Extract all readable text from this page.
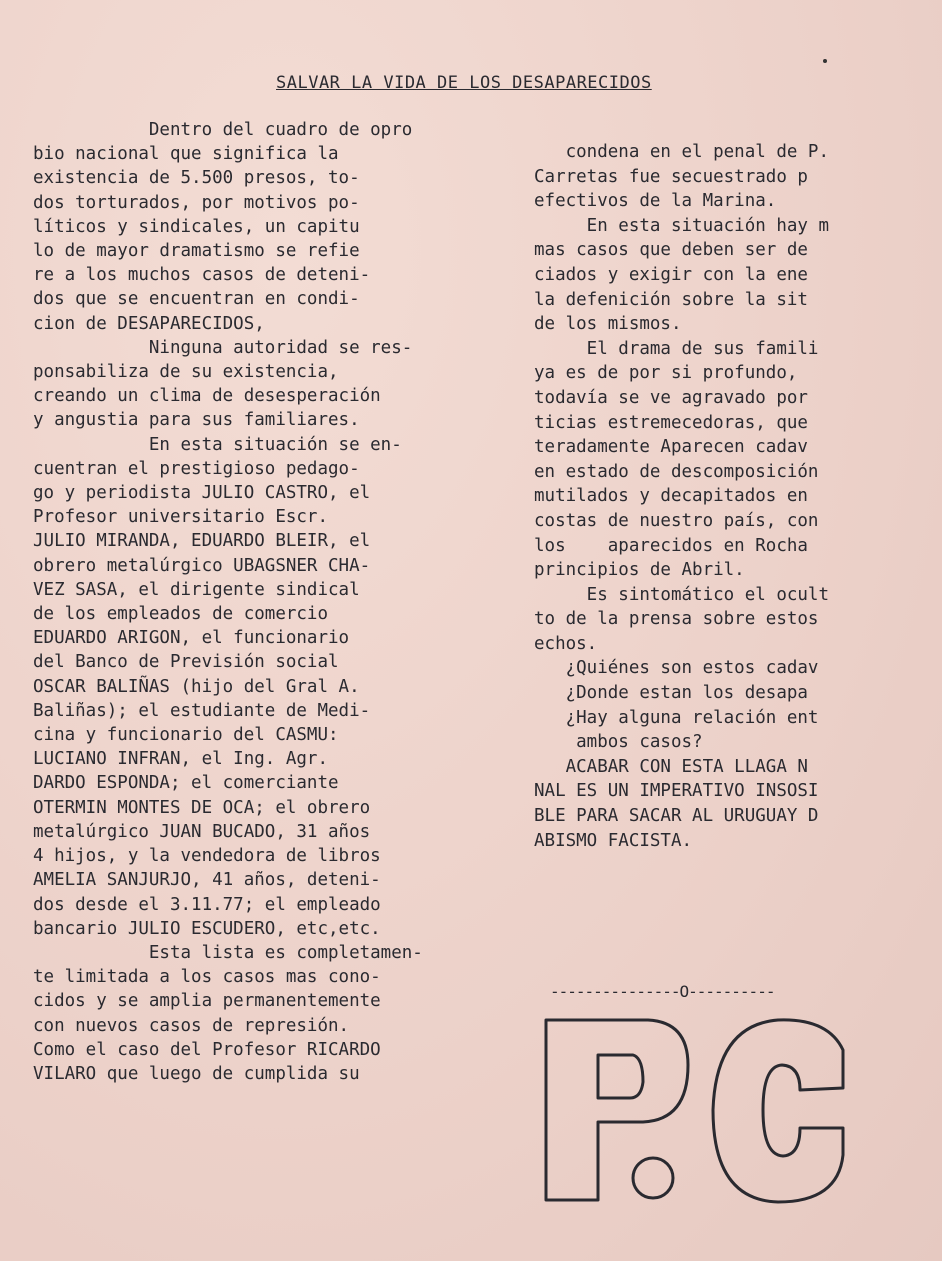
SALVAR LA VIDA DE LOS DESAPARECIDOS

Dentro del cuadro de opro
bio nacional que significa la
existencia de 5.500 presos, to-
dos torturados, por motivos po-
líticos y sindicales, un capitu
lo de mayor dramatismo se refie
re a los muchos casos de deteni-
dos que se encuentran en condi-
cion de DESAPARECIDOS,

Ninguna autoridad se res-
ponsabiliza de su existencia,
creando un clima de desesperación
y angustia para sus familiares.

En esta situación se en-
cuentran el prestigioso pedago-
go y periodista JULIO CASTRO, el
Profesor universitario Escr.
JULIO MIRANDA, EDUARDO BLEIR, el
obrero metalúrgico UBAGSNER CHA-
VEZ SASA, el dirigente sindical
de los empleados de comercio
EDUARDO ARIGON, el funcionario
del Banco de Previsión social
OSCAR BALIÑAS (hijo del Gral A.
Baliñas); el estudiante de Medi-
cina y funcionario del CASMU:
LUCIANO INFRAN, el Ing. Agr.
DARDO ESPONDA; el comerciante
OTERMIN MONTES DE OCA; el obrero
metalúrgico JUAN BUCADO, 31 años
4 hijos, y la vendedora de libros
AMELIA SANJURJO, 41 años, deteni-
dos desde el 3.11.77; el empleado
bancario JULIO ESCUDERO, etc,etc.

Esta lista es completamen-
te limitada a los casos mas cono-
cidos y se amplia permanentemente
con nuevos casos de represión.
Como el caso del Profesor RICARDO
VILARO que luego de cumplida su

condena en el penal de P.
Carretas fue secuestrado p
efectivos de la Marina.

En esta situación hay m
mas casos que deben ser de
ciados y exigir con la ene
la defenición sobre la sit
de los mismos.

El drama de sus famili
ya es de por si profundo,
todavía se ve agravado por
ticias estremecedoras, que
teradamente Aparecen cadav
en estado de descomposición
mutilados y decapitados en
costas de nuestro país, con
los    aparecidos en Rocha
principios de Abril.

Es sintomático el ocult
to de la prensa sobre estos
echos.

¿Quiénes son estos cadav
¿Donde estan los desapa
¿Hay alguna relación ent
ambos casos?

ACABAR CON ESTA LLAGA N
NAL ES UN IMPERATIVO INSOSI
BLE PARA SACAR AL URUGUAY D
ABISMO FACISTA.

---------------O----------
